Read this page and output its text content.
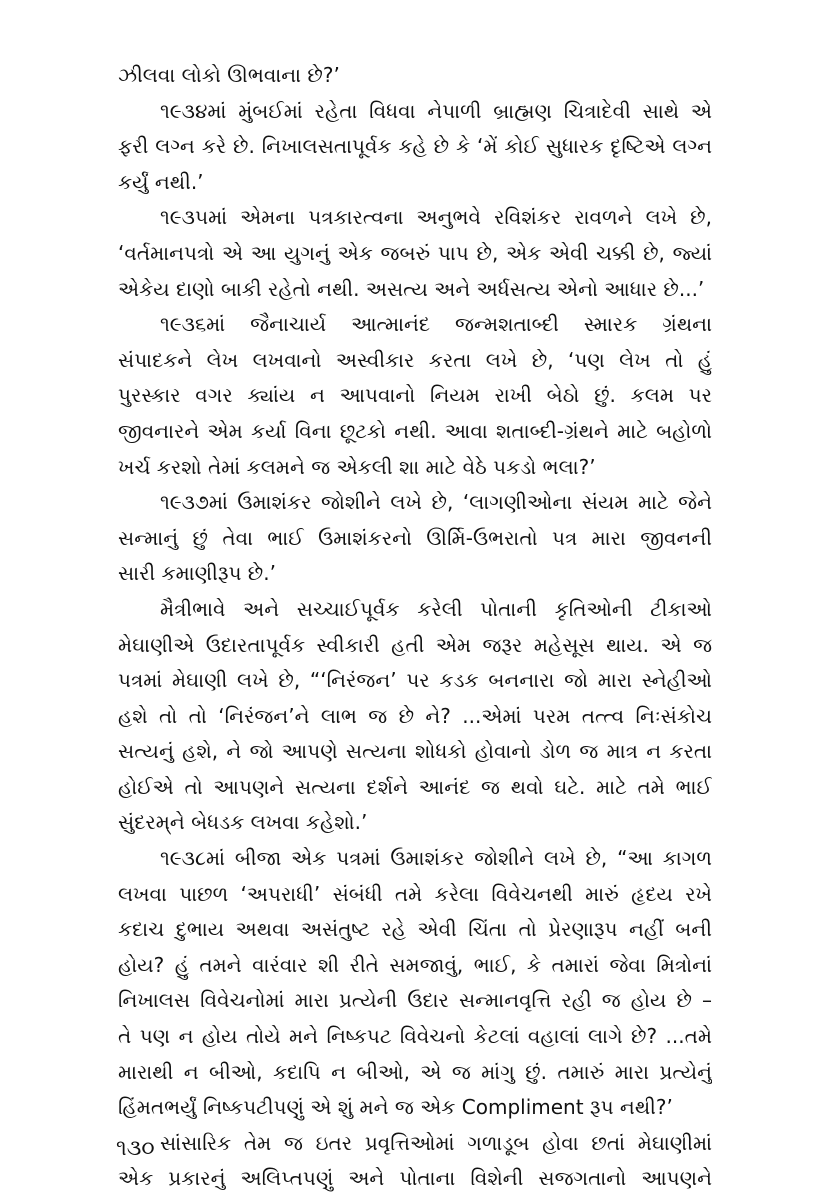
ઝીલવા લોકો ઊભવાના છે?’
૧૯૩૪માં મુંબઈમાં રહેતા વિધવા નેપાળી બ્રાહ્મણ ચિત્રાદેવી સાથે એ
ફરી લગ્ન કરે છે. નિખાલસતાપૂર્વક કહે છે કે ‘મેં કોઈ સુધારક દૃષ્ટિએ લગ્ન
કર્યું નથી.’
૧૯૩૫માં એમના પત્રકારત્વના અનુભવે રવિશંકર રાવળને લખે છે,
‘વર્તમાનપત્રો એ આ યુગનું એક જબરું પાપ છે, એક એવી ચક્કી છે, જ્યાં
એકેય દાણો બાકી રહેતો નથી. અસત્ય અને અર્ધસત્ય એનો આધાર છે...’
૧૯૩૬માં જૈનાચાર્ય આત્માનંદ જન્મશતાબ્દી સ્મારક ગ્રંથના
સંપાદકને લેખ લખવાનો અસ્વીકાર કરતા લખે છે, ‘પણ લેખ તો હું
પુરસ્કાર વગર ક્યાંય ન આપવાનો નિયમ રાખી બેઠો છું. કલમ પર
જીવનારને એમ કર્યા વિના છૂટકો નથી. આવા શતાબ્દી-ગ્રંથને માટે બહોળો
ખર્ચ કરશો તેમાં કલમને જ એકલી શા માટે વેઠે પકડો ભલા?’
૧૯૩૭માં ઉમાશંકર જોશીને લખે છે, ‘લાગણીઓના સંયમ માટે જેને
સન્માનું છું તેવા ભાઈ ઉમાશંકરનો ઊર્મિ-ઉભરાતો પત્ર મારા જીવનની
સારી કમાણીરૂપ છે.’
મૈત્રીભાવે અને સચ્ચાઈપૂર્વક કરેલી પોતાની કૃતિઓની ટીકાઓ
મેઘાણીએ ઉદારતાપૂર્વક સ્વીકારી હતી એમ જરૂર મહેસૂસ થાય. એ જ
પત્રમાં મેઘાણી લખે છે, “‘નિરંજન’ પર કડક બનનારા જો મારા સ્નેહીઓ
હશે તો તો ‘નિરંજન’ને લાભ જ છે ને? ...એમાં પરમ તત્ત્વ નિઃસંકોચ
સત્યનું હશે, ને જો આપણે સત્યના શોધકો હોવાનો ડોળ જ માત્ર ન કરતા
હોઈએ તો આપણને સત્યના દર્શને આનંદ જ થવો ઘટે. માટે તમે ભાઈ
સુંદરમ્‌ને બેધડક લખવા કહેશો.’
૧૯૩૮માં બીજા એક પત્રમાં ઉમાશંકર જોશીને લખે છે, “આ કાગળ
લખવા પાછળ ‘અપરાધી’ સંબંધી તમે કરેલા વિવેચનથી મારું હૃદય રખે
કદાચ દુભાય અથવા અસંતુષ્ટ રહે એવી ચિંતા તો પ્રેરણારૂપ નહીં બની
હોય? હું તમને વારંવાર શી રીતે સમજાવું, ભાઈ, કે તમારાં જેવા મિત્રોનાં
નિખાલસ વિવેચનોમાં મારા પ્રત્યેની ઉદાર સન્માનવૃત્તિ રહી જ હોય છે –
તે પણ ન હોય તોયે મને નિષ્કપટ વિવેચનો કેટલાં વહાલાં લાગે છે? ...તમે
મારાથી ન બીઓ, કદાપિ ન બીઓ, એ જ માંગુ છું. તમારું મારા પ્રત્યેનું
હિંમતભર્યું નિષ્કપટીપણું એ શું મને જ એક Compliment રૂપ નથી?’
સાંસારિક તેમ જ ઇતર પ્રવૃત્તિઓમાં ગળાડૂબ હોવા છતાં મેઘાણીમાં
એક પ્રકારનું અલિપ્તપણું અને પોતાના વિશેની સજગતાનો આપણને
૧૩૦
